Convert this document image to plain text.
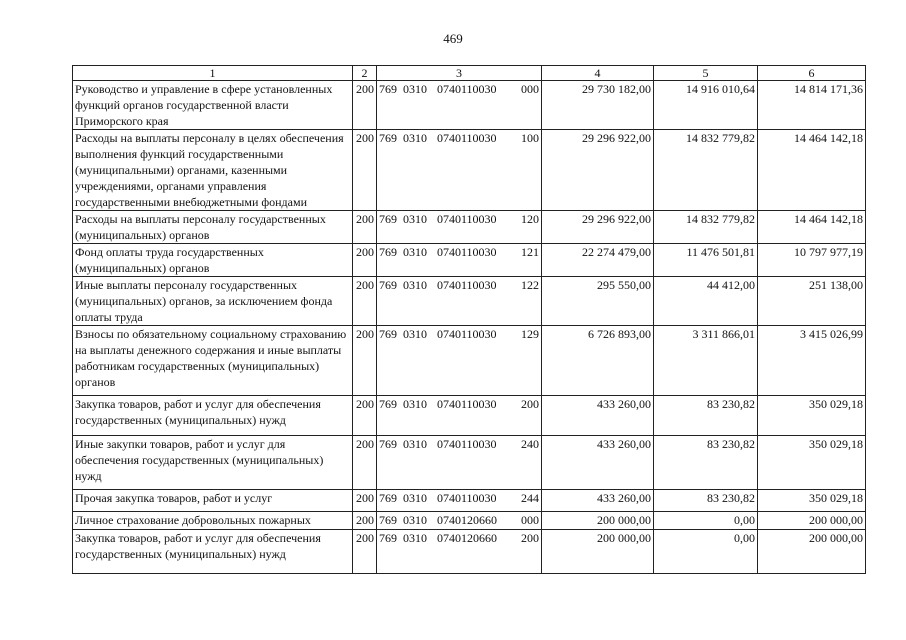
469
1	2	3	4	5	6
Руководство и управление в сфере установленных функций органов государственной власти Приморского края	200	769 0310 0740110030 000	29 730 182,00	14 916 010,64	14 814 171,36
Расходы на выплаты персоналу в целях обеспечения выполнения функций государственными (муниципальными) органами, казенными учреждениями, органами управления государственными внебюджетными фондами	200	769 0310 0740110030 100	29 296 922,00	14 832 779,82	14 464 142,18
Расходы на выплаты персоналу государственных (муниципальных) органов	200	769 0310 0740110030 120	29 296 922,00	14 832 779,82	14 464 142,18
Фонд оплаты труда государственных (муниципальных) органов	200	769 0310 0740110030 121	22 274 479,00	11 476 501,81	10 797 977,19
Иные выплаты персоналу государственных (муниципальных) органов, за исключением фонда оплаты труда	200	769 0310 0740110030 122	295 550,00	44 412,00	251 138,00
Взносы по обязательному социальному страхованию на выплаты денежного содержания и иные выплаты работникам государственных (муниципальных) органов	200	769 0310 0740110030 129	6 726 893,00	3 311 866,01	3 415 026,99
Закупка товаров, работ и услуг для обеспечения государственных (муниципальных) нужд	200	769 0310 0740110030 200	433 260,00	83 230,82	350 029,18
Иные закупки товаров, работ и услуг для обеспечения государственных (муниципальных) нужд	200	769 0310 0740110030 240	433 260,00	83 230,82	350 029,18
Прочая закупка товаров, работ и услуг	200	769 0310 0740110030 244	433 260,00	83 230,82	350 029,18
Личное страхование добровольных пожарных	200	769 0310 0740120660 000	200 000,00	0,00	200 000,00
Закупка товаров, работ и услуг для обеспечения государственных (муниципальных) нужд	200	769 0310 0740120660 200	200 000,00	0,00	200 000,00
